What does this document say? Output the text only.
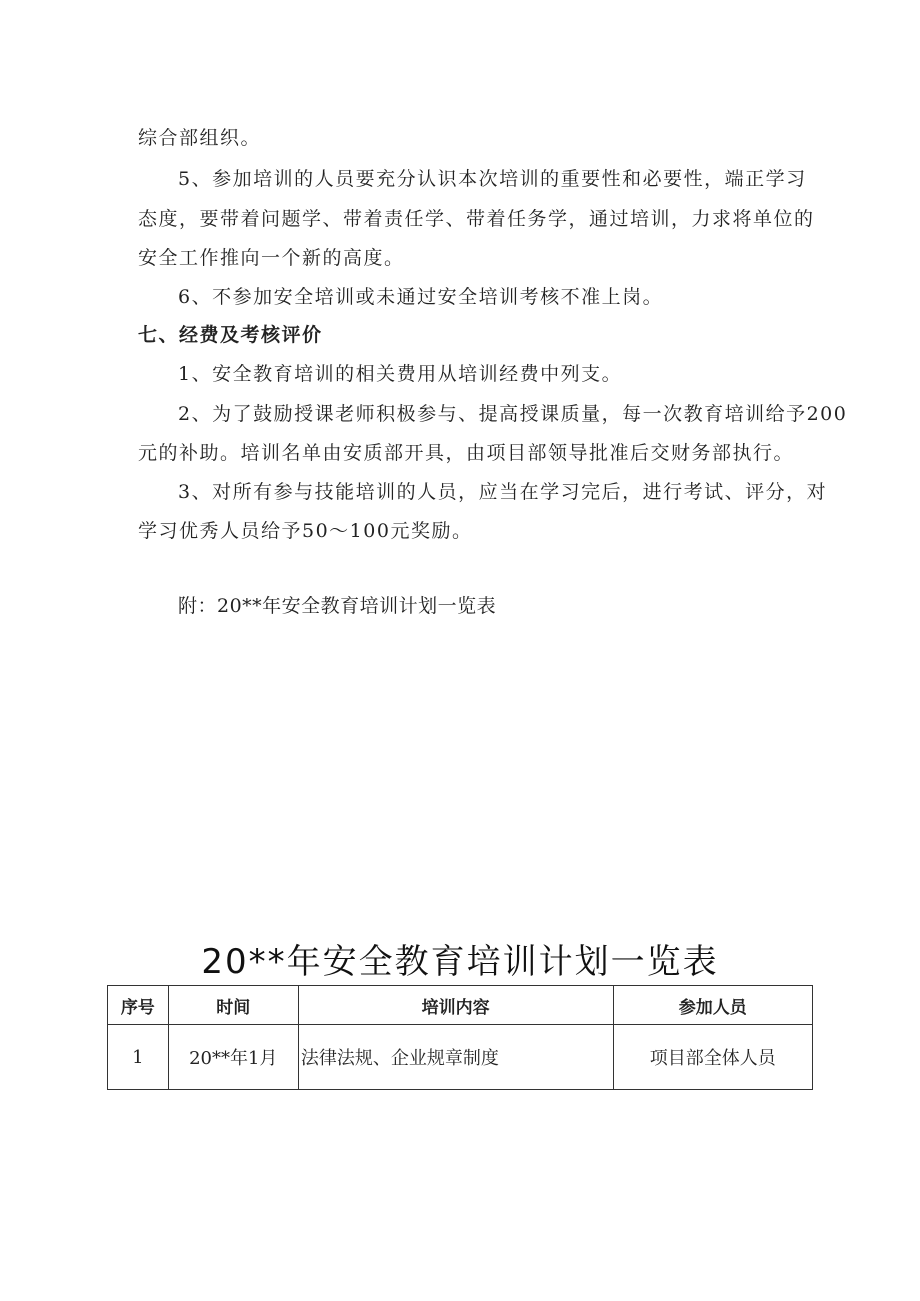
综合部组织。
5、参加培训的人员要充分认识本次培训的重要性和必要性，端正学习
态度，要带着问题学、带着责任学、带着任务学，通过培训，力求将单位的
安全工作推向一个新的高度。
6、不参加安全培训或未通过安全培训考核不准上岗。
七、经费及考核评价
1、安全教育培训的相关费用从培训经费中列支。
2、为了鼓励授课老师积极参与、提高授课质量，每一次教育培训给予200
元的补助。培训名单由安质部开具，由项目部领导批准后交财务部执行。
3、对所有参与技能培训的人员，应当在学习完后，进行考试、评分，对
学习优秀人员给予50～100元奖励。
附：20**年安全教育培训计划一览表
20**年安全教育培训计划一览表
序号	时间	培训内容	参加人员
1	20**年1月	法律法规、企业规章制度	项目部全体人员
